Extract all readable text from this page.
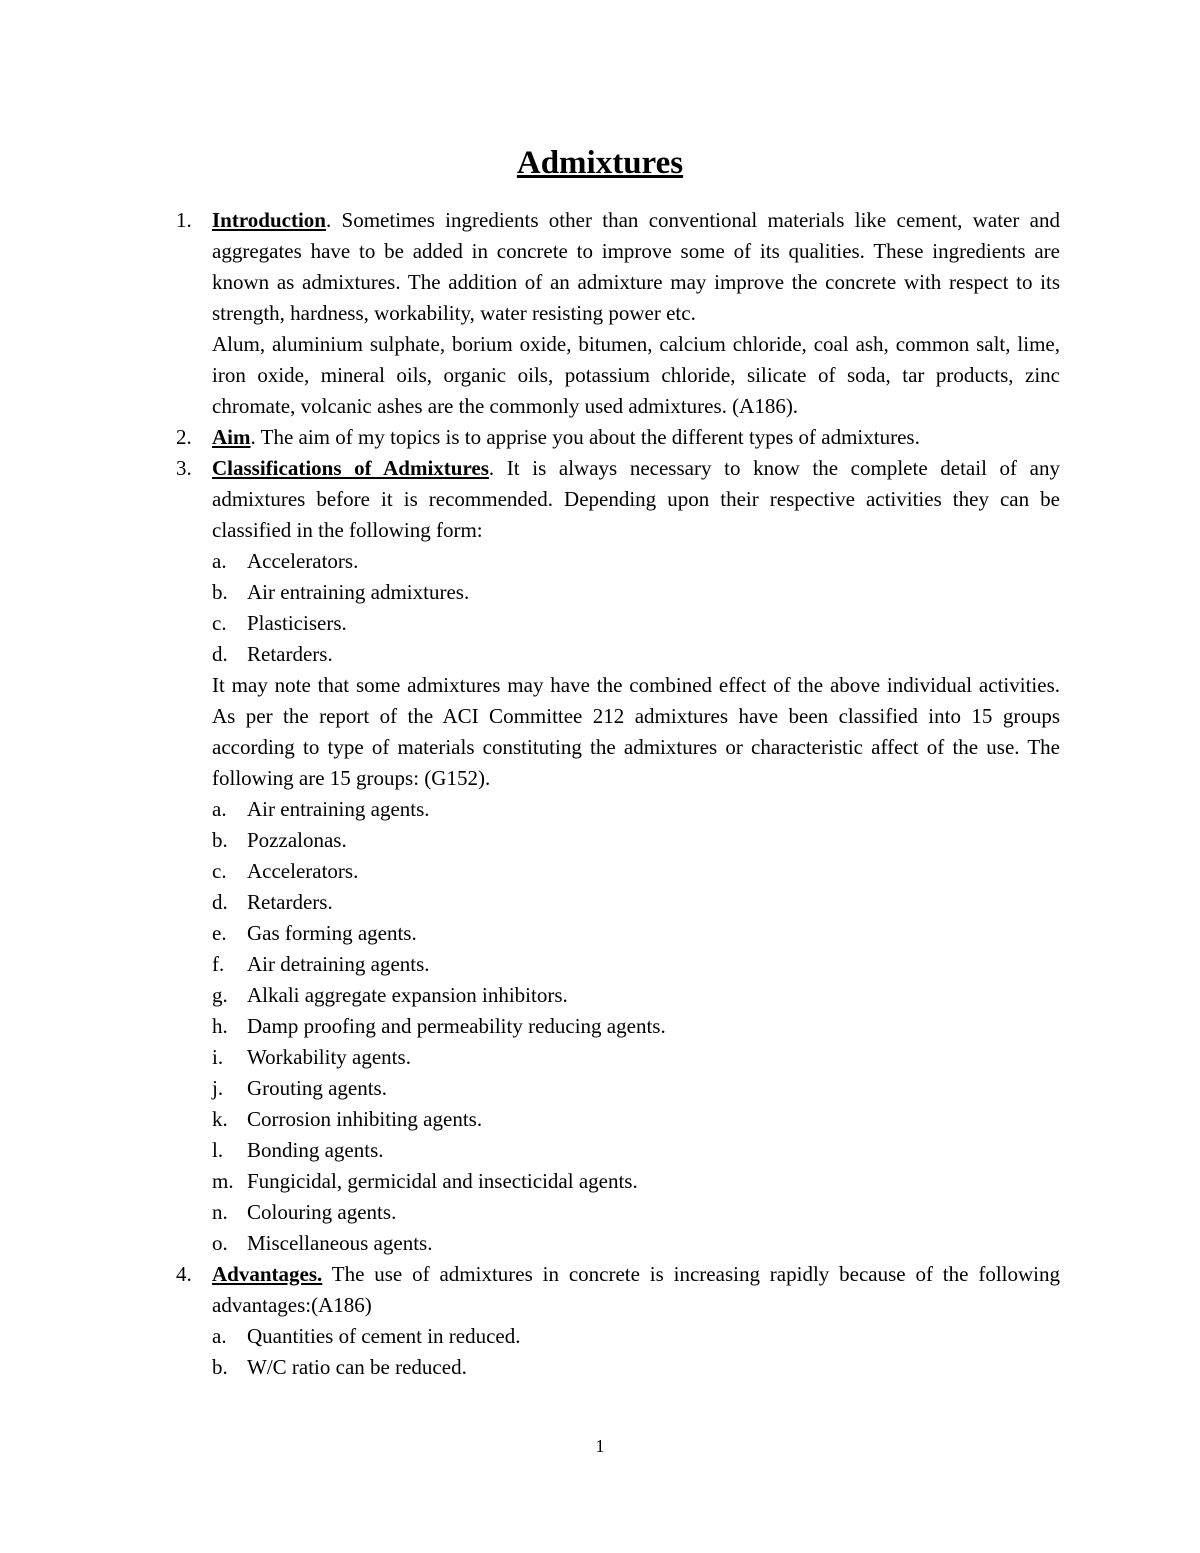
Admixtures
1. Introduction. Sometimes ingredients other than conventional materials like cement, water and aggregates have to be added in concrete to improve some of its qualities. These ingredients are known as admixtures. The addition of an admixture may improve the concrete with respect to its strength, hardness, workability, water resisting power etc.
Alum, aluminium sulphate, borium oxide, bitumen, calcium chloride, coal ash, common salt, lime, iron oxide, mineral oils, organic oils, potassium chloride, silicate of soda, tar products, zinc chromate, volcanic ashes are the commonly used admixtures. (A186).
2. Aim. The aim of my topics is to apprise you about the different types of admixtures.
3. Classifications of Admixtures. It is always necessary to know the complete detail of any admixtures before it is recommended. Depending upon their respective activities they can be classified in the following form:
a. Accelerators.
b. Air entraining admixtures.
c. Plasticisers.
d. Retarders.
It may note that some admixtures may have the combined effect of the above individual activities. As per the report of the ACI Committee 212 admixtures have been classified into 15 groups according to type of materials constituting the admixtures or characteristic affect of the use. The following are 15 groups: (G152).
a. Air entraining agents.
b. Pozzalonas.
c. Accelerators.
d. Retarders.
e. Gas forming agents.
f. Air detraining agents.
g. Alkali aggregate expansion inhibitors.
h. Damp proofing and permeability reducing agents.
i. Workability agents.
j. Grouting agents.
k. Corrosion inhibiting agents.
l. Bonding agents.
m. Fungicidal, germicidal and insecticidal agents.
n. Colouring agents.
o. Miscellaneous agents.
4. Advantages. The use of admixtures in concrete is increasing rapidly because of the following advantages:(A186)
a. Quantities of cement in reduced.
b. W/C ratio can be reduced.
1
